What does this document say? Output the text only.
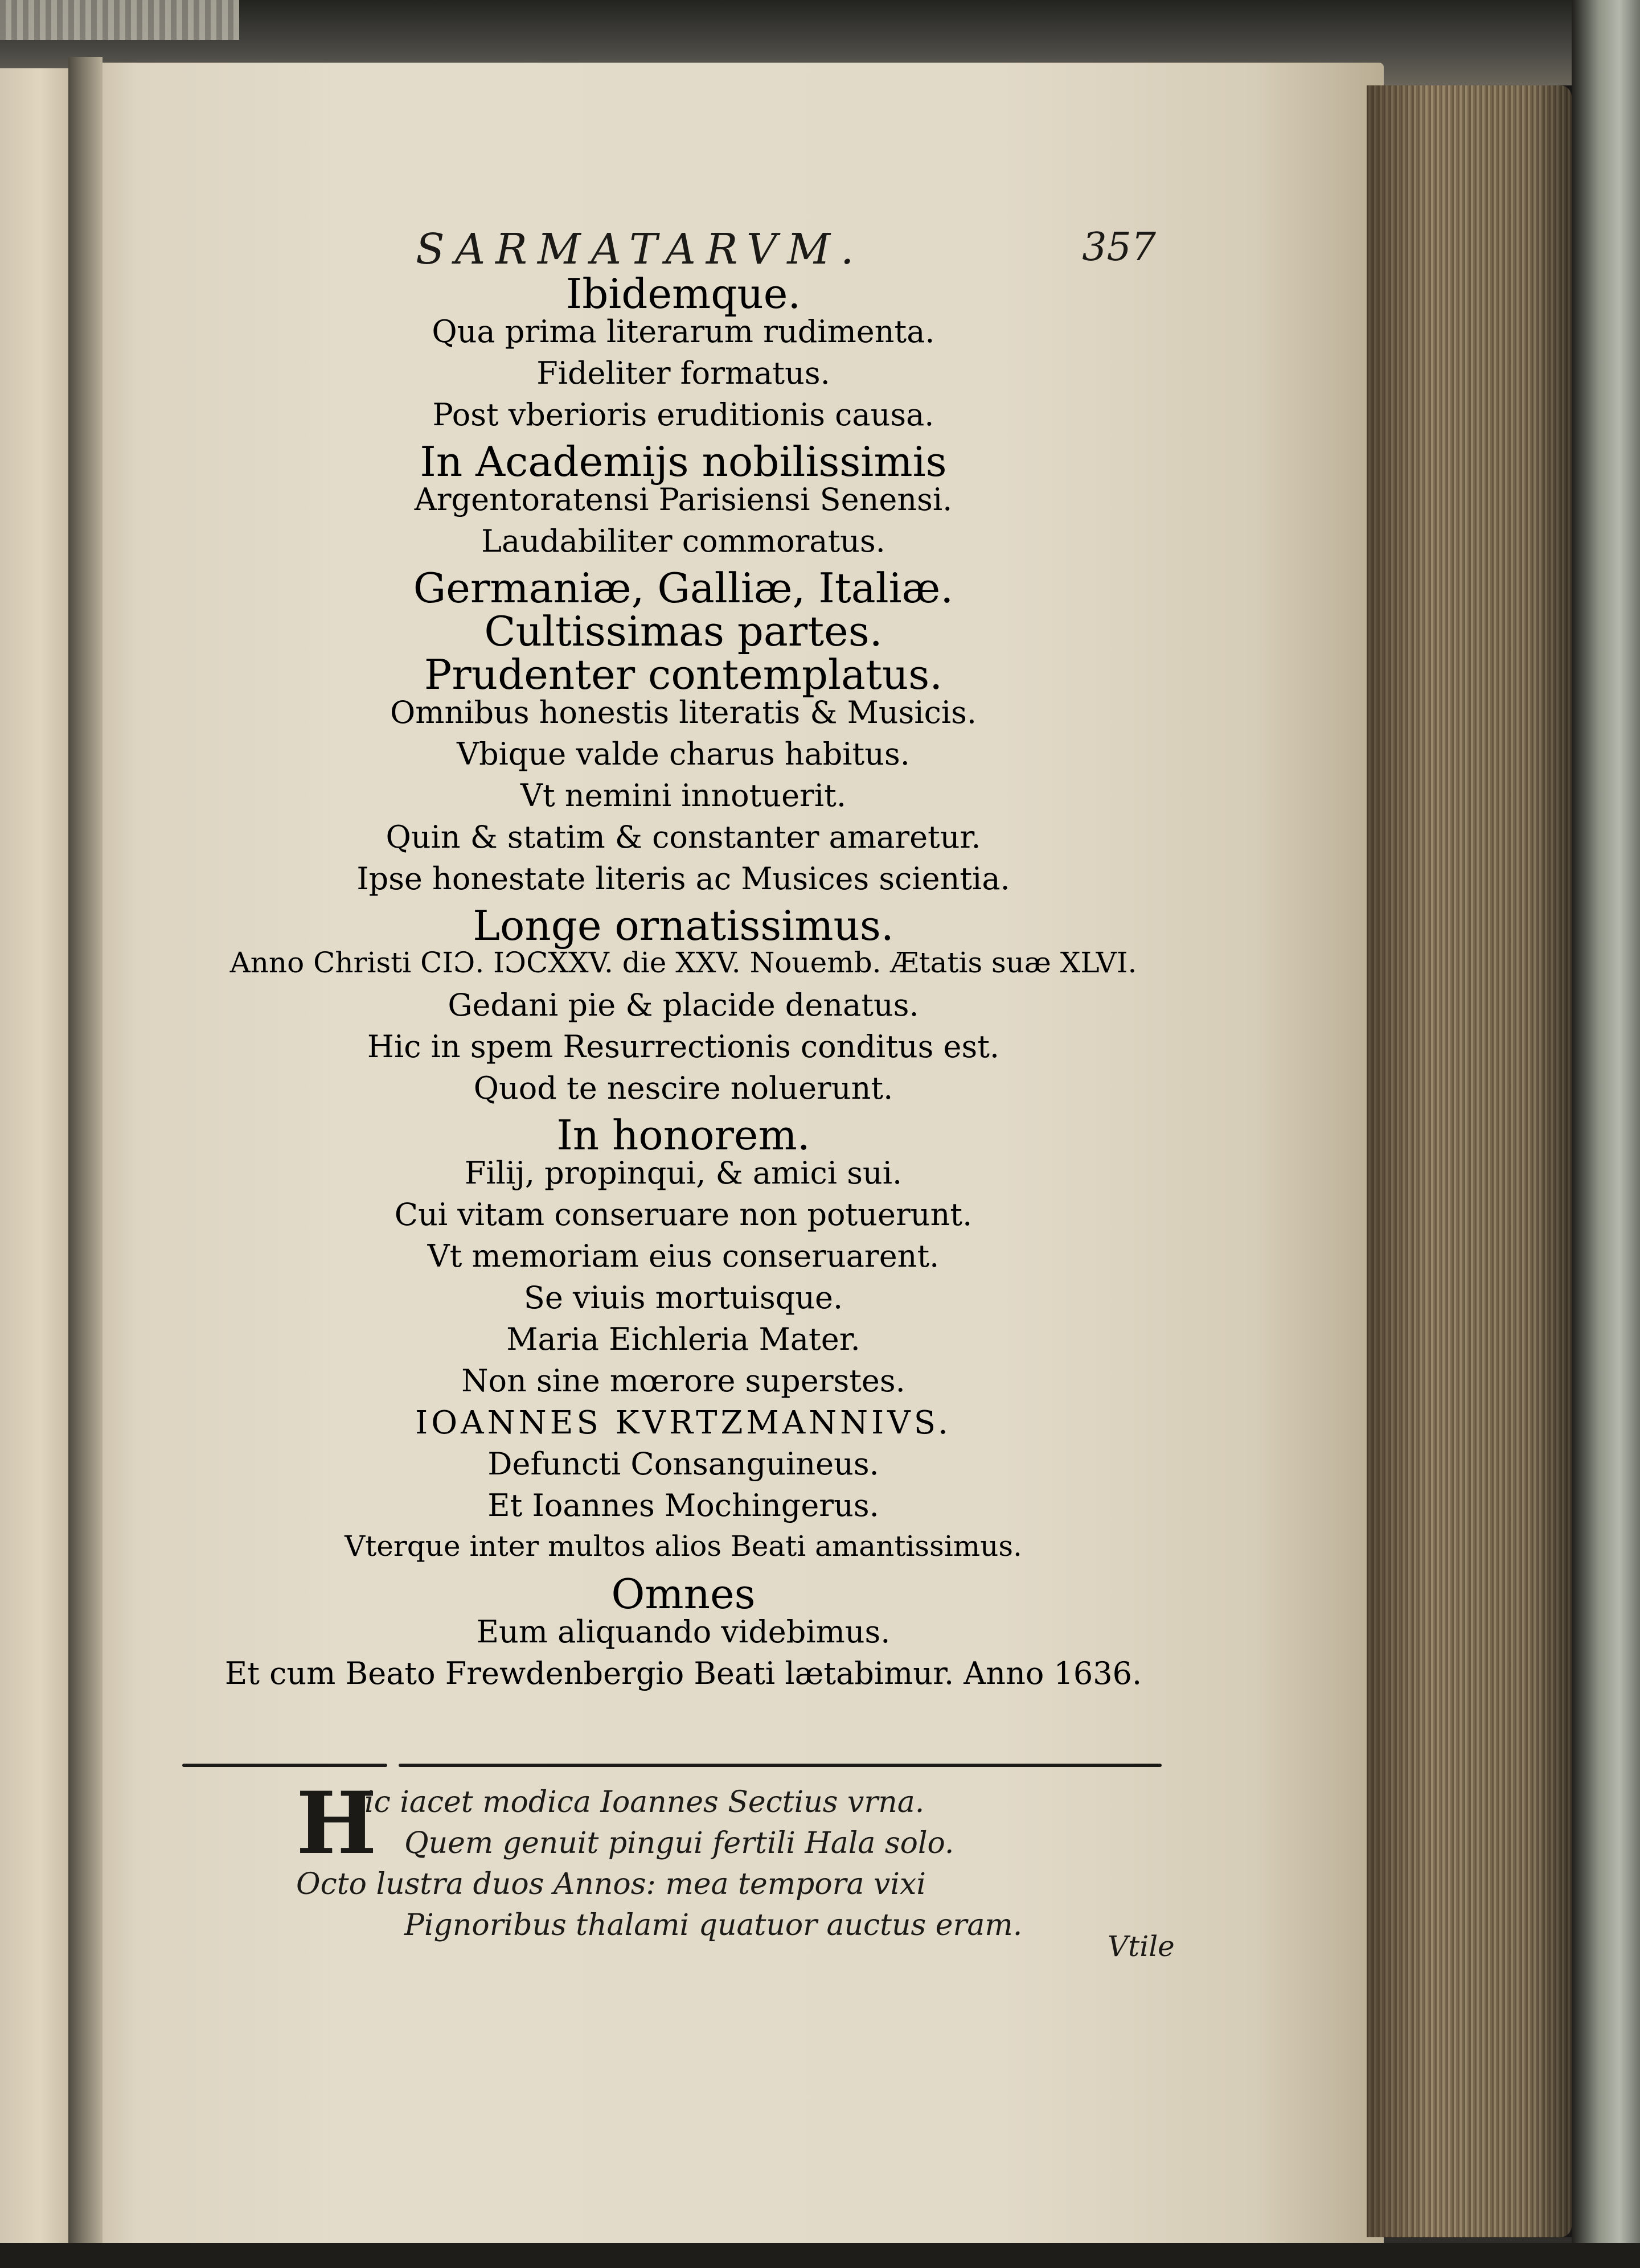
SARMATARVM.	357
Ibidemque.
Qua prima literarum rudimenta.
Fideliter formatus.
Post vberioris eruditionis causa.
In Academijs nobilissimis
Argentoratensi Parisiensi Senensi.
Laudabiliter commoratus.
Germaniæ, Galliæ, Italiæ.
Cultissimas partes.
Prudenter contemplatus.
Omnibus honestis literatis & Musicis.
Vbique valde charus habitus.
Vt nemini innotuerit.
Quin & statim & constanter amaretur.
Ipse honestate literis ac Musices scientia.
Longe ornatissimus.
Anno Christi CIƆ. IƆCXXV. die XXV. Nouemb. Ætatis suæ XLVI.
Gedani pie & placide denatus.
Hic in spem Resurrectionis conditus est.
Quod te nescire noluerunt.
In honorem.
Filij, propinqui, & amici sui.
Cui vitam conseruare non potuerunt.
Vt memoriam eius conseruarent.
Se viuis mortuisque.
Maria Eichleria Mater.
Non sine mœrore superstes.
IOANNES KVRTZMANNIVS.
Defuncti Consanguineus.
Et Ioannes Mochingerus.
Vterque inter multos alios Beati amantissimus.
Omnes
Eum aliquando videbimus.
Et cum Beato Frewdenbergio Beati lætabimur. Anno 1636.
H
ic iacet modica Ioannes Sectius vrna.
Quem genuit pingui fertili Hala solo.
Octo lustra duos Annos: mea tempora vixi
Pignoribus thalami quatuor auctus eram.
Vtile
